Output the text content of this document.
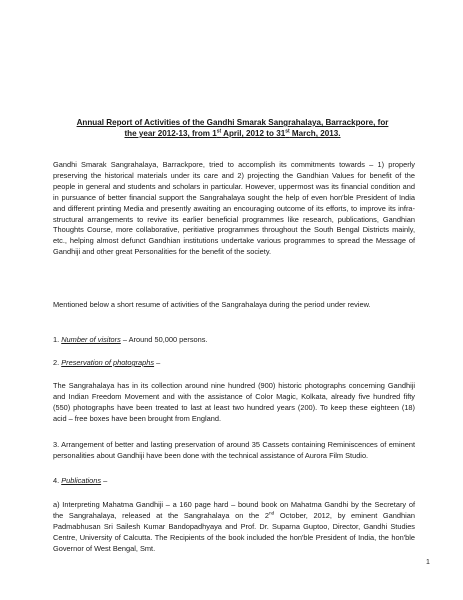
Annual Report of Activities of the Gandhi Smarak Sangrahalaya, Barrackpore, for
the year 2012-13, from 1st April, 2012 to 31st March, 2013.

Gandhi Smarak Sangrahalaya, Barrackpore, tried to accomplish its commitments towards – 1) properly preserving the historical materials under its care and 2) projecting the Gandhian Values for benefit of the people in general and students and scholars in particular. However, uppermost was its financial condition and in pursuance of better financial support the Sangrahalaya sought the help of even hon'ble President of India and different printing Media and presently awaiting an encouraging outcome of its efforts, to improve its infra-structural arrangements to revive its earlier beneficial programmes like research, publications, Gandhian Thoughts Course, more collaborative, peritiative programmes throughout the South Bengal Districts mainly, etc., helping almost defunct Gandhian institutions undertake various programmes to spread the Message of Gandhiji and other great Personalities for the benefit of the society.

Mentioned below a short resume of activities of the Sangrahalaya during the period under review.

1. Number of visitors – Around 50,000 persons.

2. Preservation of photographs –

The Sangrahalaya has in its collection around nine hundred (900) historic photographs concerning Gandhiji and Indian Freedom Movement and with the assistance of Color Magic, Kolkata, already five hundred fifty (550) photographs have been treated to last at least two hundred years (200). To keep these eighteen (18) acid – free boxes have been brought from England.

3. Arrangement of better and lasting preservation of around 35 Cassets containing Reminiscences of eminent personalities about Gandhiji have been done with the technical assistance of Aurora Film Studio.

4. Publications –

a) Interpreting Mahatma Gandhiji – a 160 page hard – bound book on Mahatma Gandhi by the Secretary of the Sangrahalaya, released at the Sangrahalaya on the 2nd October, 2012, by eminent Gandhian Padmabhusan Sri Sailesh Kumar Bandopadhyaya and Prof. Dr. Suparna Guptoo, Director, Gandhi Studies Centre, University of Calcutta. The Recipients of the book included the hon'ble President of India, the hon'ble Governor of West Bengal, Smt.

1
